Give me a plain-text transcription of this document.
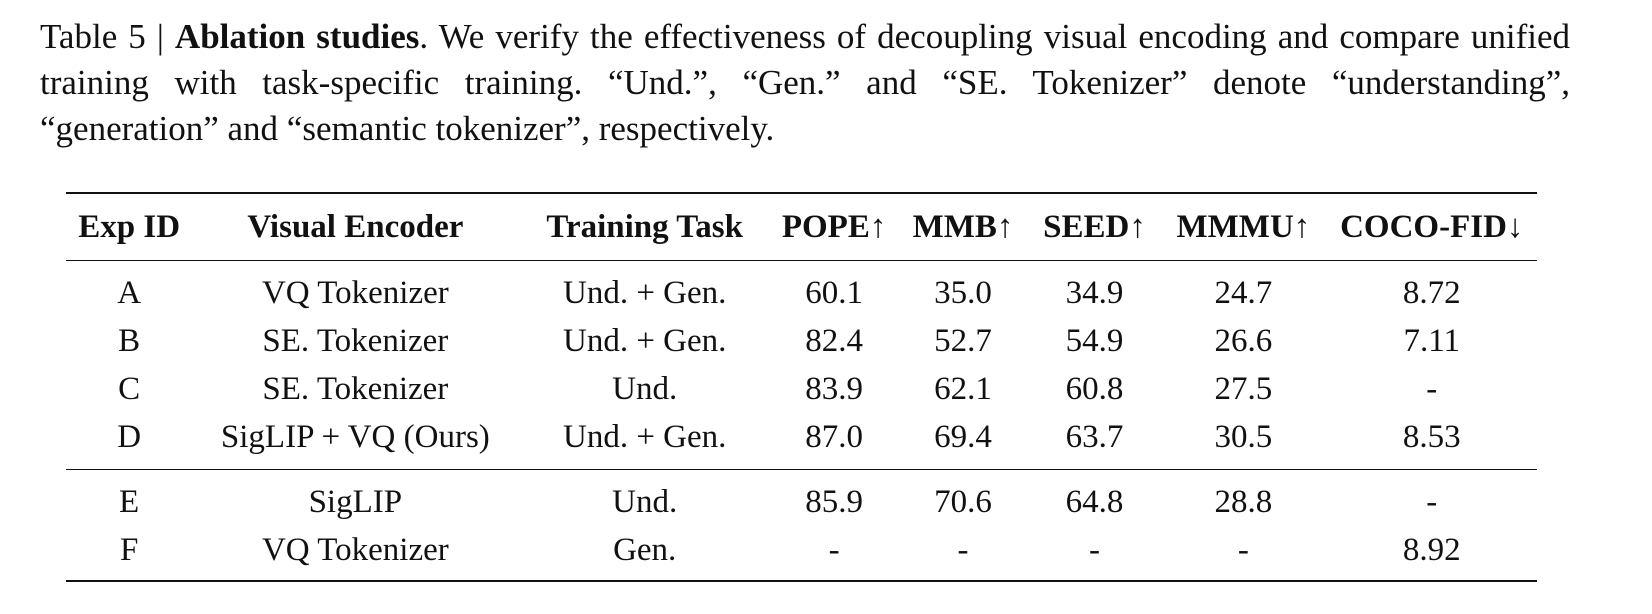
Table 5 | Ablation studies. We verify the effectiveness of decoupling visual encoding and compare unified training with task-specific training. “Und.”, “Gen.” and “SE. Tokenizer” denote “understanding”, “generation” and “semantic tokenizer”, respectively.
Exp ID	Visual Encoder	Training Task	POPE↑	MMB↑	SEED↑	MMMU↑	COCO-FID↓
A	VQ Tokenizer	Und. + Gen.	60.1	35.0	34.9	24.7	8.72
B	SE. Tokenizer	Und. + Gen.	82.4	52.7	54.9	26.6	7.11
C	SE. Tokenizer	Und.	83.9	62.1	60.8	27.5	-
D	SigLIP + VQ (Ours)	Und. + Gen.	87.0	69.4	63.7	30.5	8.53
E	SigLIP	Und.	85.9	70.6	64.8	28.8	-
F	VQ Tokenizer	Gen.	-	-	-	-	8.92
